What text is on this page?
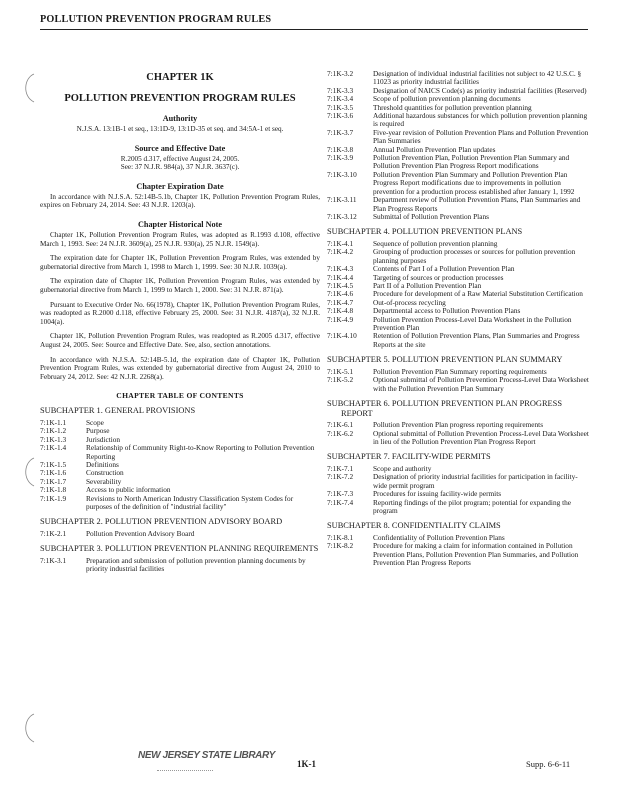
POLLUTION PREVENTION PROGRAM RULES
CHAPTER 1K
POLLUTION PREVENTION PROGRAM RULES
Authority

N.J.S.A. 13:1B-1 et seq., 13:1D-9, 13:1D-35 et seq. and 34:5A-1 et seq.

Source and Effective Date

R.2005 d.317, effective August 24, 2005.

See: 37 N.J.R. 984(a), 37 N.J.R. 3637(c).

Chapter Expiration Date

In accordance with N.J.S.A. 52:14B-5.1b, Chapter 1K, Pollution Prevention Program Rules, expires on February 24, 2014. See: 43 N.J.R. 1203(a).

Chapter Historical Note

Chapter 1K, Pollution Prevention Program Rules, was adopted as R.1993 d.108, effective March 1, 1993. See: 24 N.J.R. 3609(a), 25 N.J.R. 930(a), 25 N.J.R. 1549(a).

The expiration date for Chapter 1K, Pollution Prevention Program Rules, was extended by gubernatorial directive from March 1, 1998 to March 1, 1999. See: 30 N.J.R. 1039(a).

The expiration date of Chapter 1K, Pollution Prevention Program Rules, was extended by gubernatorial directive from March 1, 1999 to March 1, 2000. See: 31 N.J.R. 871(a).

Pursuant to Executive Order No. 66(1978), Chapter 1K, Pollution Prevention Program Rules, was readopted as R.2000 d.118, effective February 25, 2000. See: 31 N.J.R. 4187(a), 32 N.J.R. 1004(a).

Chapter 1K, Pollution Prevention Program Rules, was readopted as R.2005 d.317, effective August 24, 2005. See: Source and Effective Date. See, also, section annotations.

In accordance with N.J.S.A. 52:14B-5.1d, the expiration date of Chapter 1K, Pollution Prevention Program Rules, was extended by gubernatorial directive from August 24, 2010 to February 24, 2012. See: 42 N.J.R. 2268(a).

CHAPTER TABLE OF CONTENTS
SUBCHAPTER 1. GENERAL PROVISIONS
7:1K-1.1	Scope
7:1K-1.2	Purpose
7:1K-1.3	Jurisdiction
7:1K-1.4	Relationship of Community Right-to-Know Reporting to Pollution Prevention Reporting
7:1K-1.5	Definitions
7:1K-1.6	Construction
7:1K-1.7	Severability
7:1K-1.8	Access to public information
7:1K-1.9	Revisions to North American Industry Classification System Codes for purposes of the definition of "industrial facility"
SUBCHAPTER 2. POLLUTION PREVENTION ADVISORY BOARD
7:1K-2.1	Pollution Prevention Advisory Board
SUBCHAPTER 3. POLLUTION PREVENTION PLANNING REQUIREMENTS
7:1K-3.1	Preparation and submission of pollution prevention planning documents by priority industrial facilities
7:1K-3.2	Designation of individual industrial facilities not subject to 42 U.S.C. § 11023 as priority industrial facilities
7:1K-3.3	Designation of NAICS Code(s) as priority industrial facilities (Reserved)
7:1K-3.4	Scope of pollution prevention planning documents
7:1K-3.5	Threshold quantities for pollution prevention planning
7:1K-3.6	Additional hazardous substances for which pollution prevention planning is required
7:1K-3.7	Five-year revision of Pollution Prevention Plans and Pollution Prevention Plan Summaries
7:1K-3.8	Annual Pollution Prevention Plan updates
7:1K-3.9	Pollution Prevention Plan, Pollution Prevention Plan Summary and Pollution Prevention Plan Progress Report modifications
7:1K-3.10	Pollution Prevention Plan Summary and Pollution Prevention Plan Progress Report modifications due to improvements in pollution prevention for a production process established after January 1, 1992
7:1K-3.11	Department review of Pollution Prevention Plans, Plan Summaries and Plan Progress Reports
7:1K-3.12	Submittal of Pollution Prevention Plans
SUBCHAPTER 4. POLLUTION PREVENTION PLANS
7:1K-4.1	Sequence of pollution prevention planning
7:1K-4.2	Grouping of production processes or sources for pollution prevention planning purposes
7:1K-4.3	Contents of Part I of a Pollution Prevention Plan
7:1K-4.4	Targeting of sources or production processes
7:1K-4.5	Part II of a Pollution Prevention Plan
7:1K-4.6	Procedure for development of a Raw Material Substitution Certification
7:1K-4.7	Out-of-process recycling
7:1K-4.8	Departmental access to Pollution Prevention Plans
7:1K-4.9	Pollution Prevention Process-Level Data Worksheet in the Pollution Prevention Plan
7:1K-4.10	Retention of Pollution Prevention Plans, Plan Summaries and Progress Reports at the site
SUBCHAPTER 5. POLLUTION PREVENTION PLAN SUMMARY
7:1K-5.1	Pollution Prevention Plan Summary reporting requirements
7:1K-5.2	Optional submittal of Pollution Prevention Process-Level Data Worksheet with the Pollution Prevention Plan Summary
SUBCHAPTER 6. POLLUTION PREVENTION PLAN PROGRESS REPORT
7:1K-6.1	Pollution Prevention Plan progress reporting requirements
7:1K-6.2	Optional submittal of Pollution Prevention Process-Level Data Worksheet in lieu of the Pollution Prevention Plan Progress Report
SUBCHAPTER 7. FACILITY-WIDE PERMITS
7:1K-7.1	Scope and authority
7:1K-7.2	Designation of priority industrial facilities for participation in facility-wide permit program
7:1K-7.3	Procedures for issuing facility-wide permits
7:1K-7.4	Reporting findings of the pilot program; potential for expanding the program
SUBCHAPTER 8. CONFIDENTIALITY CLAIMS
7:1K-8.1	Confidentiality of Pollution Prevention Plans
7:1K-8.2	Procedure for making a claim for information contained in Pollution Prevention Plans, Pollution Prevention Plan Summaries, and Pollution Prevention Plan Progress Reports
NEW JERSEY STATE LIBRARY
1K-1	Supp. 6-6-11
